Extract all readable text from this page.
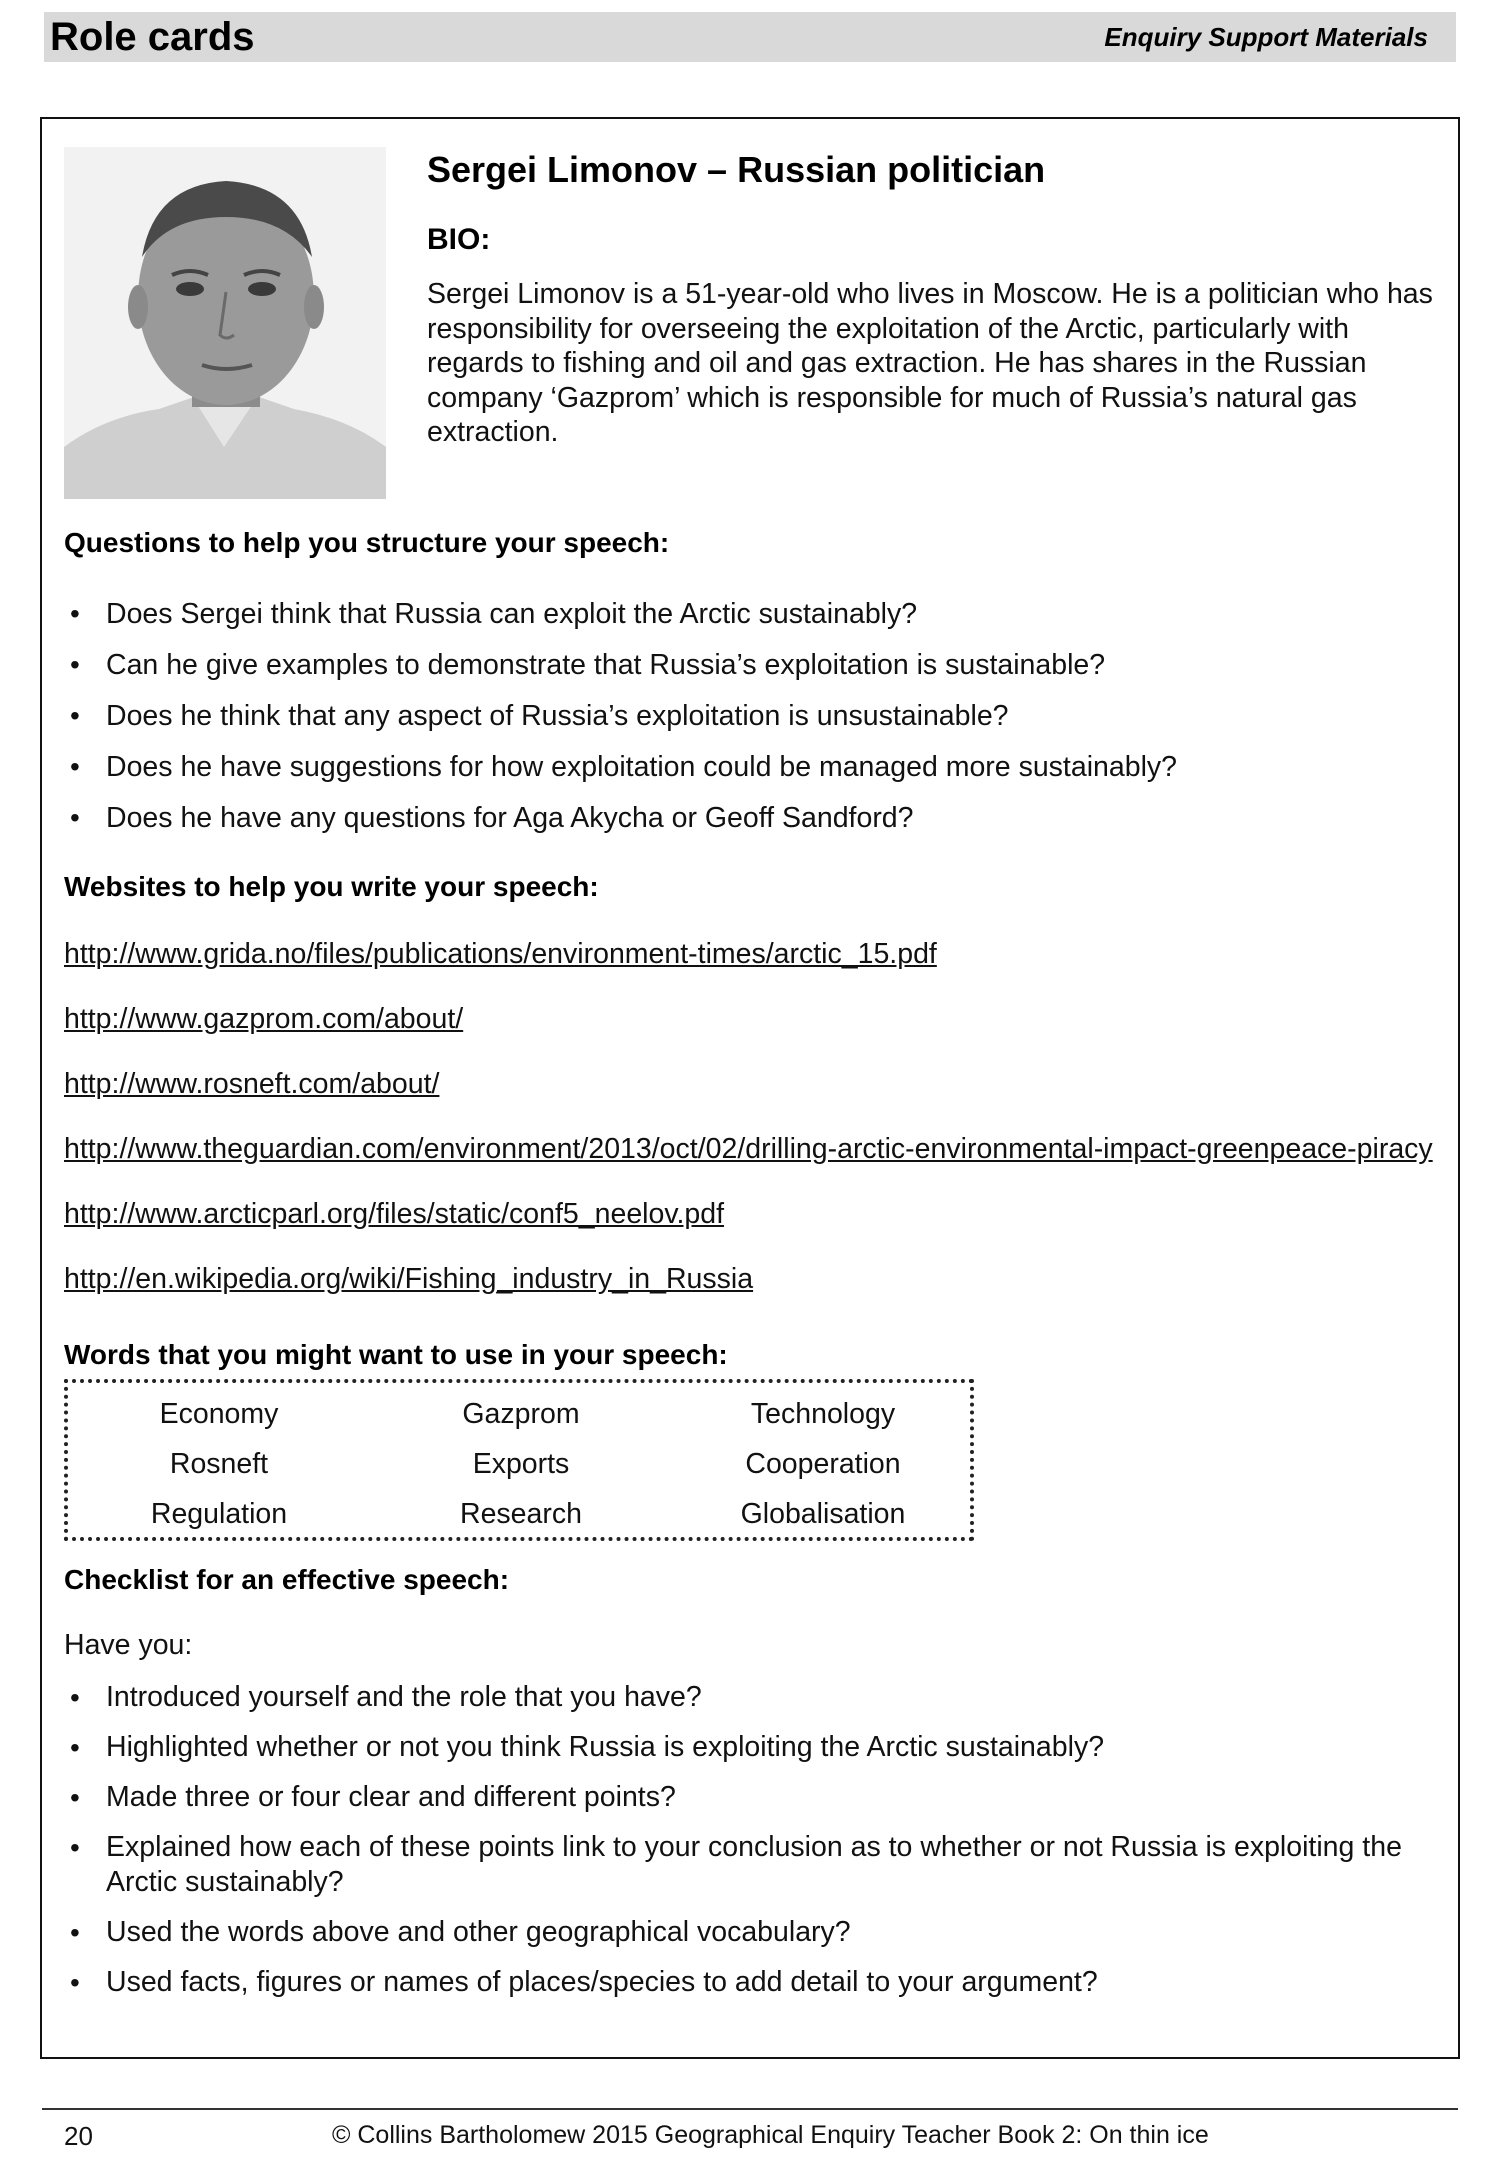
Role cards	Enquiry Support Materials
Sergei Limonov – Russian politician
BIO:

Sergei Limonov is a 51-year-old who lives in Moscow. He is a politician who has responsibility for overseeing the exploitation of the Arctic, particularly with regards to fishing and oil and gas extraction. He has shares in the Russian company ‘Gazprom’ which is responsible for much of Russia’s natural gas extraction.

Questions to help you structure your speech:
• Does Sergei think that Russia can exploit the Arctic sustainably?
• Can he give examples to demonstrate that Russia’s exploitation is sustainable?
• Does he think that any aspect of Russia’s exploitation is unsustainable?
• Does he have suggestions for how exploitation could be managed more sustainably?
• Does he have any questions for Aga Akycha or Geoff Sandford?
Websites to help you write your speech:
http://www.grida.no/files/publications/environment-times/arctic_15.pdf
http://www.gazprom.com/about/
http://www.rosneft.com/about/
http://www.theguardian.com/environment/2013/oct/02/drilling-arctic-environmental-impact-greenpeace-piracy
http://www.arcticparl.org/files/static/conf5_neelov.pdf
http://en.wikipedia.org/wiki/Fishing_industry_in_Russia
Words that you might want to use in your speech:
Economy	Gazprom	Technology
Rosneft	Exports	Cooperation
Regulation	Research	Globalisation
Checklist for an effective speech:
Have you:
• Introduced yourself and the role that you have?
• Highlighted whether or not you think Russia is exploiting the Arctic sustainably?
• Made three or four clear and different points?
• Explained how each of these points link to your conclusion as to whether or not Russia is exploiting the Arctic sustainably?
• Used the words above and other geographical vocabulary?
• Used facts, figures or names of places/species to add detail to your argument?
20	© Collins Bartholomew 2015 Geographical Enquiry Teacher Book 2: On thin ice
